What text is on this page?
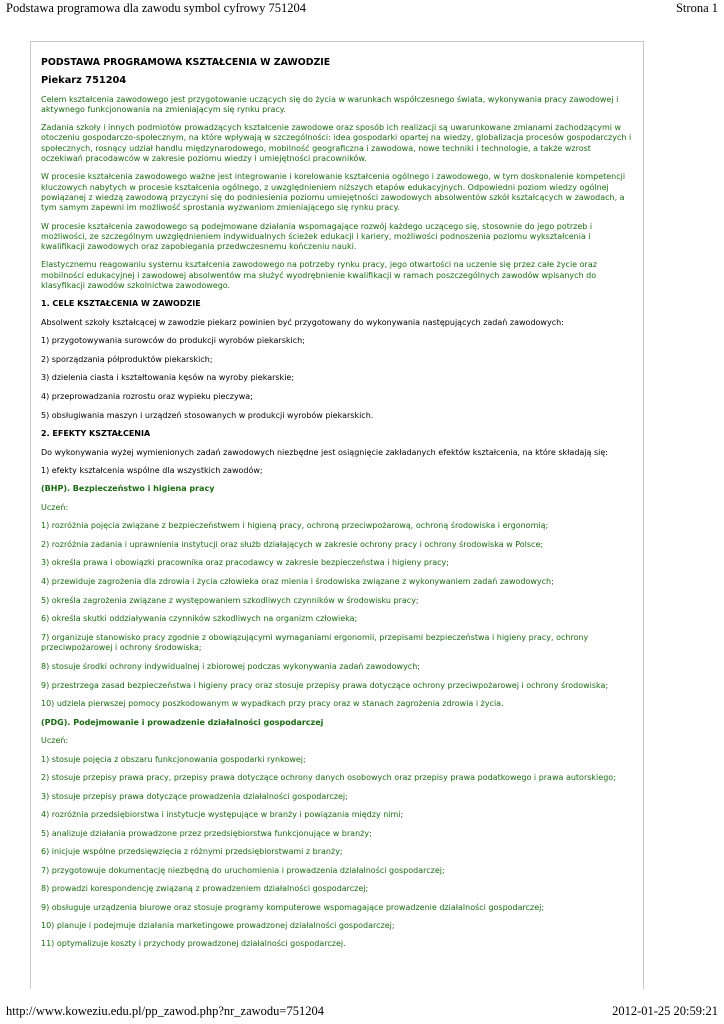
Podstawa programowa dla zawodu symbol cyfrowy 751204	Strona 1

PODSTAWA PROGRAMOWA KSZTAŁCENIA W ZAWODZIE

Piekarz 751204

Celem kształcenia zawodowego jest przygotowanie uczących się do życia w warunkach współczesnego świata, wykonywania pracy zawodowej i aktywnego funkcjonowania na zmieniającym się rynku pracy.

Zadania szkoły i innych podmiotów prowadzących kształcenie zawodowe oraz sposób ich realizacji są uwarunkowane zmianami zachodzącymi w otoczeniu gospodarczo-społecznym, na które wpływają w szczególności: idea gospodarki opartej na wiedzy, globalizacja procesów gospodarczych i społecznych, rosnący udział handlu międzynarodowego, mobilność geograficzna i zawodowa, nowe techniki i technologie, a także wzrost oczekiwań pracodawców w zakresie poziomu wiedzy i umiejętności pracowników.

W procesie kształcenia zawodowego ważne jest integrowanie i korelowanie kształcenia ogólnego i zawodowego, w tym doskonalenie kompetencji kluczowych nabytych w procesie kształcenia ogólnego, z uwzględnieniem niższych etapów edukacyjnych. Odpowiedni poziom wiedzy ogólnej powiązanej z wiedzą zawodową przyczyni się do podniesienia poziomu umiejętności zawodowych absolwentów szkół kształcących w zawodach, a tym samym zapewni im możliwość sprostania wyzwaniom zmieniającego się rynku pracy.

W procesie kształcenia zawodowego są podejmowane działania wspomagające rozwój każdego uczącego się, stosownie do jego potrzeb i możliwości, ze szczególnym uwzględnieniem indywidualnych ścieżek edukacji i kariery, możliwości podnoszenia poziomu wykształcenia i kwalifikacji zawodowych oraz zapobiegania przedwczesnemu kończeniu nauki.

Elastycznemu reagowaniu systemu kształcenia zawodowego na potrzeby rynku pracy, jego otwartości na uczenie się przez całe życie oraz mobilności edukacyjnej i zawodowej absolwentów ma służyć wyodrębnienie kwalifikacji w ramach poszczególnych zawodów wpisanych do klasyfikacji zawodów szkolnictwa zawodowego.

1. CELE KSZTAŁCENIA W ZAWODZIE

Absolwent szkoły kształcącej w zawodzie piekarz powinien być przygotowany do wykonywania następujących zadań zawodowych:

1) przygotowywania surowców do produkcji wyrobów piekarskich;
2) sporządzania półproduktów piekarskich;
3) dzielenia ciasta i kształtowania kęsów na wyroby piekarskie;
4) przeprowadzania rozrostu oraz wypieku pieczywa;
5) obsługiwania maszyn i urządzeń stosowanych w produkcji wyrobów piekarskich.

2. EFEKTY KSZTAŁCENIA

Do wykonywania wyżej wymienionych zadań zawodowych niezbędne jest osiągnięcie zakładanych efektów kształcenia, na które składają się:

1) efekty kształcenia wspólne dla wszystkich zawodów;

(BHP). Bezpieczeństwo i higiena pracy

Uczeń:

1) rozróżnia pojęcia związane z bezpieczeństwem i higieną pracy, ochroną przeciwpożarową, ochroną środowiska i ergonomią;
2) rozróżnia zadania i uprawnienia instytucji oraz służb działających w zakresie ochrony pracy i ochrony środowiska w Polsce;
3) określa prawa i obowiązki pracownika oraz pracodawcy w zakresie bezpieczeństwa i higieny pracy;
4) przewiduje zagrożenia dla zdrowia i życia człowieka oraz mienia i środowiska związane z wykonywaniem zadań zawodowych;
5) określa zagrożenia związane z występowaniem szkodliwych czynników w środowisku pracy;
6) określa skutki oddziaływania czynników szkodliwych na organizm człowieka;
7) organizuje stanowisko pracy zgodnie z obowiązującymi wymaganiami ergonomii, przepisami bezpieczeństwa i higieny pracy, ochrony przeciwpożarowej i ochrony środowiska;
8) stosuje środki ochrony indywidualnej i zbiorowej podczas wykonywania zadań zawodowych;
9) przestrzega zasad bezpieczeństwa i higieny pracy oraz stosuje przepisy prawa dotyczące ochrony przeciwpożarowej i ochrony środowiska;
10) udziela pierwszej pomocy poszkodowanym w wypadkach przy pracy oraz w stanach zagrożenia zdrowia i życia.

(PDG). Podejmowanie i prowadzenie działalności gospodarczej

Uczeń:

1) stosuje pojęcia z obszaru funkcjonowania gospodarki rynkowej;
2) stosuje przepisy prawa pracy, przepisy prawa dotyczące ochrony danych osobowych oraz przepisy prawa podatkowego i prawa autorskiego;
3) stosuje przepisy prawa dotyczące prowadzenia działalności gospodarczej;
4) rozróżnia przedsiębiorstwa i instytucje występujące w branży i powiązania między nimi;
5) analizuje działania prowadzone przez przedsiębiorstwa funkcjonujące w branży;
6) inicjuje wspólne przedsięwzięcia z różnymi przedsiębiorstwami z branży;
7) przygotowuje dokumentację niezbędną do uruchomienia i prowadzenia działalności gospodarczej;
8) prowadzi korespondencję związaną z prowadzeniem działalności gospodarczej;
9) obsługuje urządzenia biurowe oraz stosuje programy komputerowe wspomagające prowadzenie działalności gospodarczej;
10) planuje i podejmuje działania marketingowe prowadzonej działalności gospodarczej;
11) optymalizuje koszty i przychody prowadzonej działalności gospodarczej.
http://www.koweziu.edu.pl/pp_zawod.php?nr_zawodu=751204	2012-01-25 20:59:21
